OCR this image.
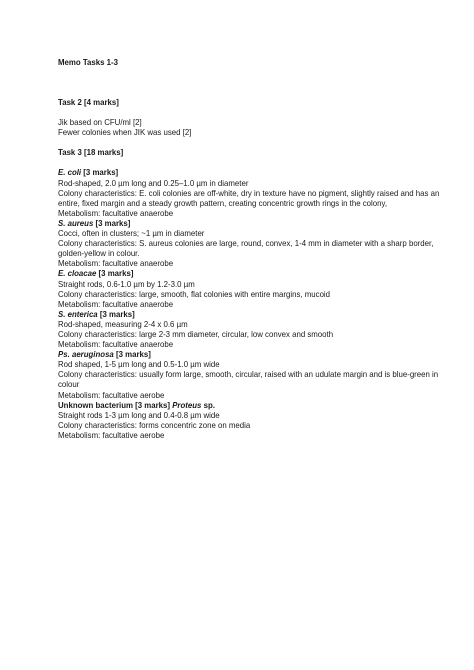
Memo Tasks 1-3
Task 2 [4 marks]
Jik based on CFU/ml [2]
Fewer colonies when JIK was used [2]
Task 3 [18 marks]
E. coli [3 marks]
Rod-shaped, 2.0 µm long and 0.25–1.0 µm in diameter
Colony characteristics: E. coli colonies are off-white, dry in texture have no pigment, slightly raised and has an entire, fixed margin and a steady growth pattern, creating concentric growth rings in the colony,
Metabolism: facultative anaerobe
S. aureus [3 marks]
Cocci, often in clusters; ~1 µm in diameter
Colony characteristics: S. aureus colonies are large, round, convex, 1-4 mm in diameter with a sharp border, golden-yellow in colour.
Metabolism: facultative anaerobe
E. cloacae [3 marks]
Straight rods, 0.6-1.0 µm by 1.2-3.0 µm
Colony characteristics: large, smooth, flat colonies with entire margins, mucoid
Metabolism: facultative anaerobe
S. enterica [3 marks]
Rod-shaped, measuring 2-4 x 0.6 µm
Colony characteristics: large 2-3 mm diameter, circular, low convex and smooth
Metabolism: facultative anaerobe
Ps. aeruginosa [3 marks]
Rod shaped, 1-5 µm long and 0.5-1.0 µm wide
Colony characteristics: usually form large, smooth, circular, raised with an udulate margin and is blue-green in colour
Metabolism: facultative aerobe
Unknown bacterium [3 marks] Proteus sp.
Straight rods 1-3 µm long and 0.4-0.8 µm wide
Colony characteristics: forms concentric zone on media
Metabolism: facultative aerobe
